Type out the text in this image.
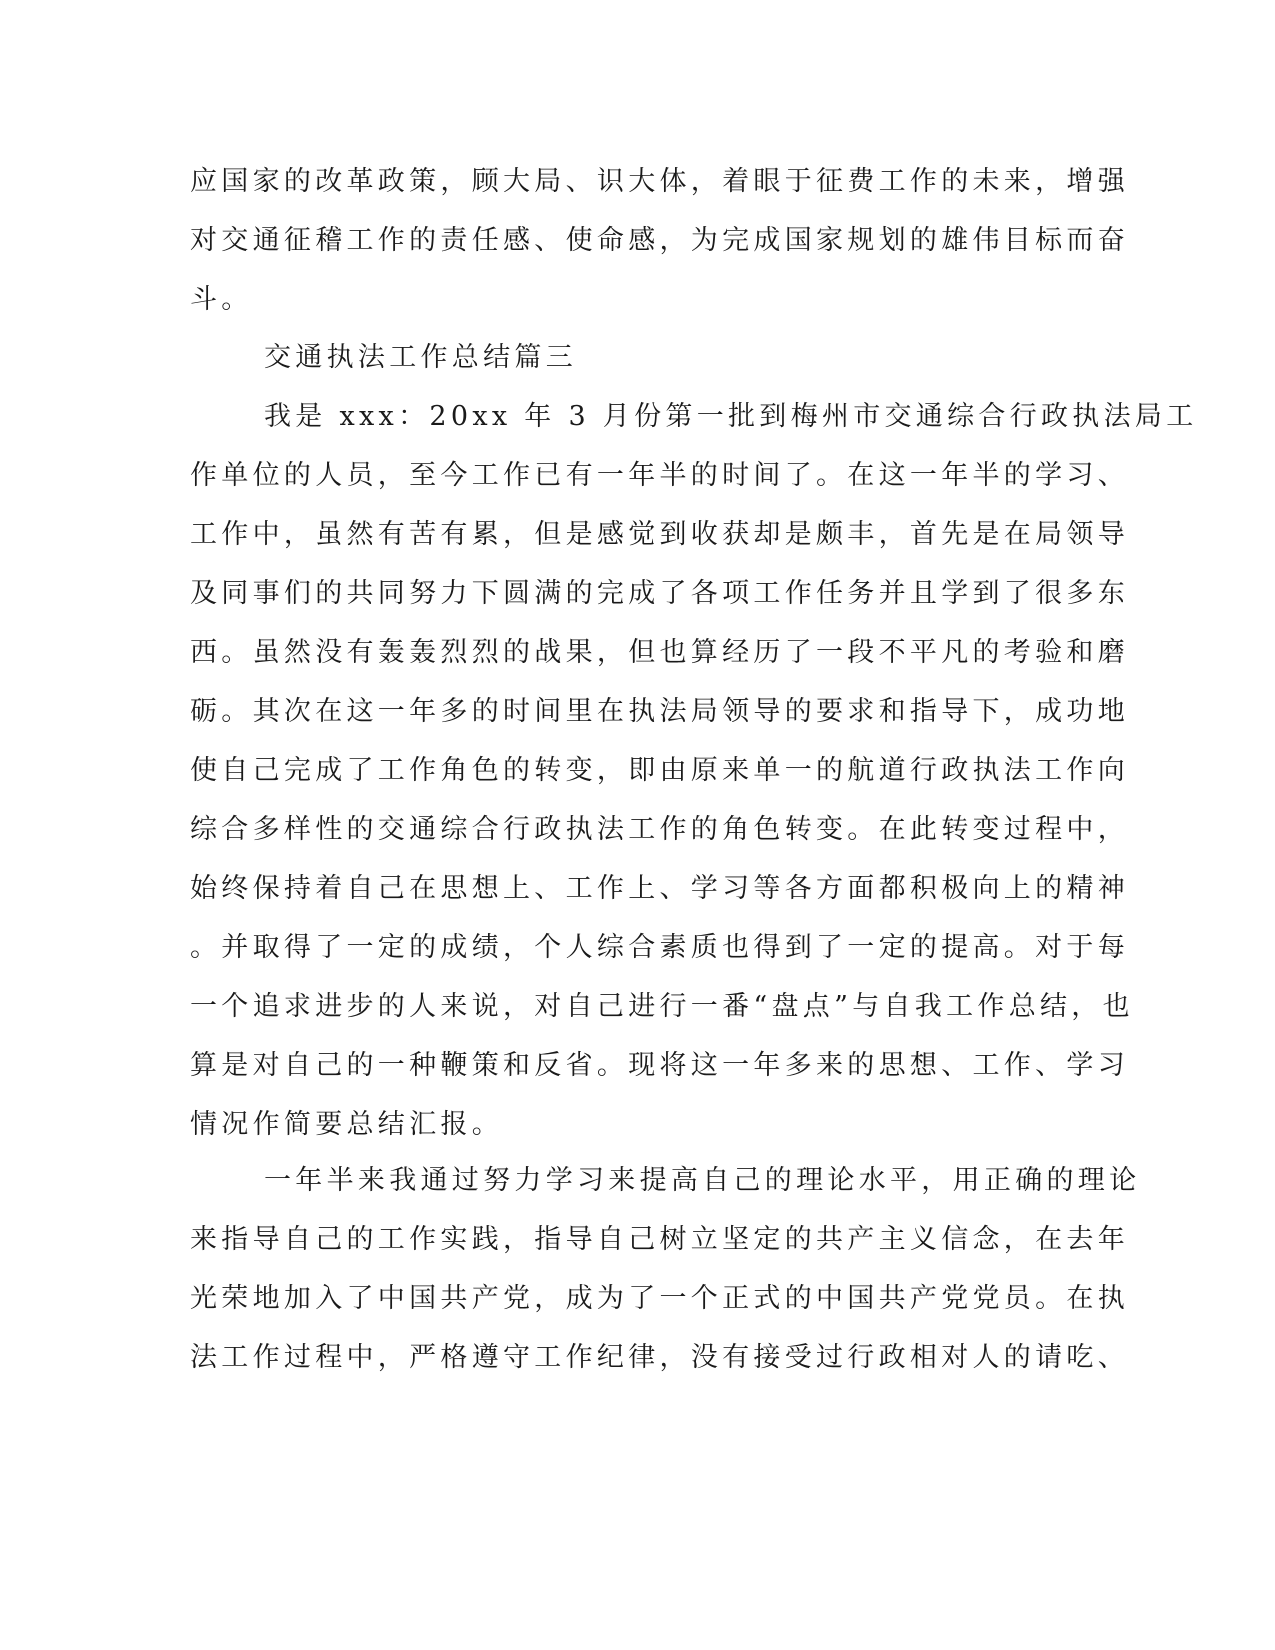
应国家的改革政策，顾大局、识大体，着眼于征费工作的未来，增强
对交通征稽工作的责任感、使命感，为完成国家规划的雄伟目标而奋
斗。
交通执法工作总结篇三
我是 xxx：20xx 年 3 月份第一批到梅州市交通综合行政执法局工
作单位的人员，至今工作已有一年半的时间了。在这一年半的学习、
工作中，虽然有苦有累，但是感觉到收获却是颇丰，首先是在局领导
及同事们的共同努力下圆满的完成了各项工作任务并且学到了很多东
西。虽然没有轰轰烈烈的战果，但也算经历了一段不平凡的考验和磨
砺。其次在这一年多的时间里在执法局领导的要求和指导下，成功地
使自己完成了工作角色的转变，即由原来单一的航道行政执法工作向
综合多样性的交通综合行政执法工作的角色转变。在此转变过程中，
始终保持着自己在思想上、工作上、学习等各方面都积极向上的精神
。并取得了一定的成绩，个人综合素质也得到了一定的提高。对于每
一个追求进步的人来说，对自己进行一番“盘点”与自我工作总结，也
算是对自己的一种鞭策和反省。现将这一年多来的思想、工作、学习
情况作简要总结汇报。
一年半来我通过努力学习来提高自己的理论水平，用正确的理论
来指导自己的工作实践，指导自己树立坚定的共产主义信念，在去年
光荣地加入了中国共产党，成为了一个正式的中国共产党党员。在执
法工作过程中，严格遵守工作纪律，没有接受过行政相对人的请吃、
